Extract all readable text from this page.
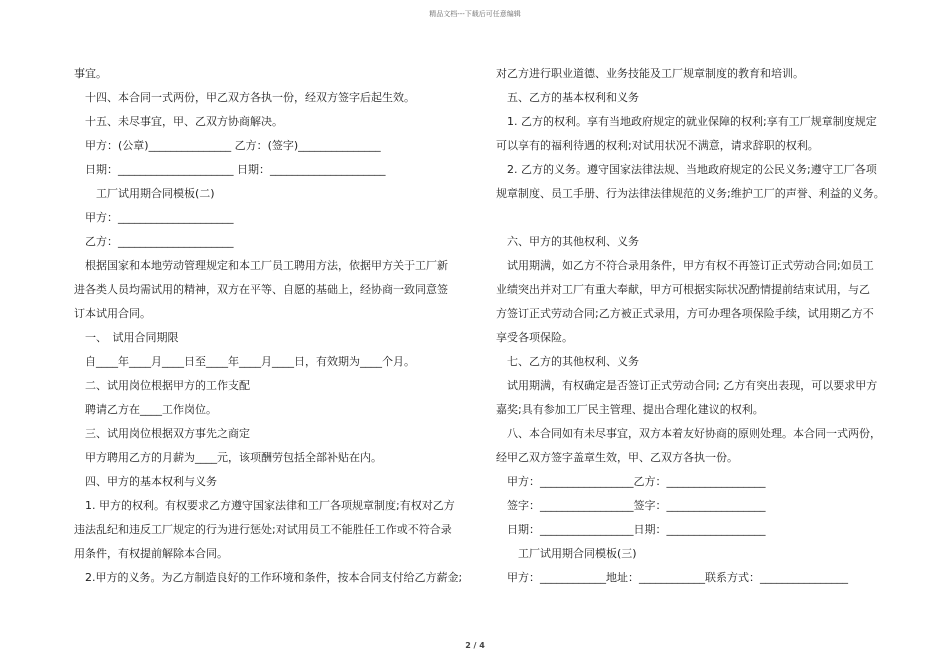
精品文档---下载后可任意编辑
事宜。
　十四、本合同一式两份，甲乙双方各执一份，经双方签字后起生效。
　十五、未尽事宜，甲、乙双方协商解决。
　甲方：(公章)_______________ 乙方：(签字)_______________
　日期：_____________________ 日期：_____________________
　　工厂试用期合同模板(二)
　甲方：_____________________
　乙方：_____________________
　根据国家和本地劳动管理规定和本工厂员工聘用方法，依据甲方关于工厂新
进各类人员均需试用的精神，双方在平等、自愿的基础上，经协商一致同意签
订本试用合同。
　一、　试用合同期限
　自____年____月____日至____年____月____日，有效期为____个月。
　二、试用岗位根据甲方的工作支配
　聘请乙方在____工作岗位。
　三、试用岗位根据双方事先之商定
　甲方聘用乙方的月薪为____元，该项酬劳包括全部补贴在内。
　四、甲方的基本权利与义务
　1. 甲方的权利。有权要求乙方遵守国家法律和工厂各项规章制度;有权对乙方
违法乱纪和违反工厂规定的行为进行惩处;对试用员工不能胜任工作或不符合录
用条件，有权提前解除本合同。
　2.甲方的义务。为乙方制造良好的工作环境和条件，按本合同支付给乙方薪金;
对乙方进行职业道德、业务技能及工厂规章制度的教育和培训。
　五、乙方的基本权利和义务
　1. 乙方的权利。享有当地政府规定的就业保障的权利;享有工厂规章制度规定
可以享有的福利待遇的权利;对试用状况不满意，请求辞职的权利。
　2. 乙方的义务。遵守国家法律法规、当地政府规定的公民义务;遵守工厂各项
规章制度、员工手册、行为法律法律规范的义务;维护工厂的声誉、利益的义务。
　六、甲方的其他权利、义务
　试用期满，如乙方不符合录用条件，甲方有权不再签订正式劳动合同;如员工
业绩突出并对工厂有重大奉献，甲方可根据实际状况酌情提前结束试用，与乙
方签订正式劳动合同;乙方被正式录用，方可办理各项保险手续，试用期乙方不
享受各项保险。
　七、乙方的其他权利、义务
　试用期满，有权确定是否签订正式劳动合同; 乙方有突出表现，可以要求甲方
嘉奖;具有参加工厂民主管理、提出合理化建议的权利。
　八、本合同如有未尽事宜，双方本着友好协商的原则处理。本合同一式两份，
经甲乙双方签字盖章生效，甲、乙双方各执一份。
　甲方：_________________乙方：__________________
　签字：_________________签字：__________________
　日期：_________________日期：__________________
　　工厂试用期合同模板(三)
　甲方：____________地址：____________联系方式：________________
2 / 4
